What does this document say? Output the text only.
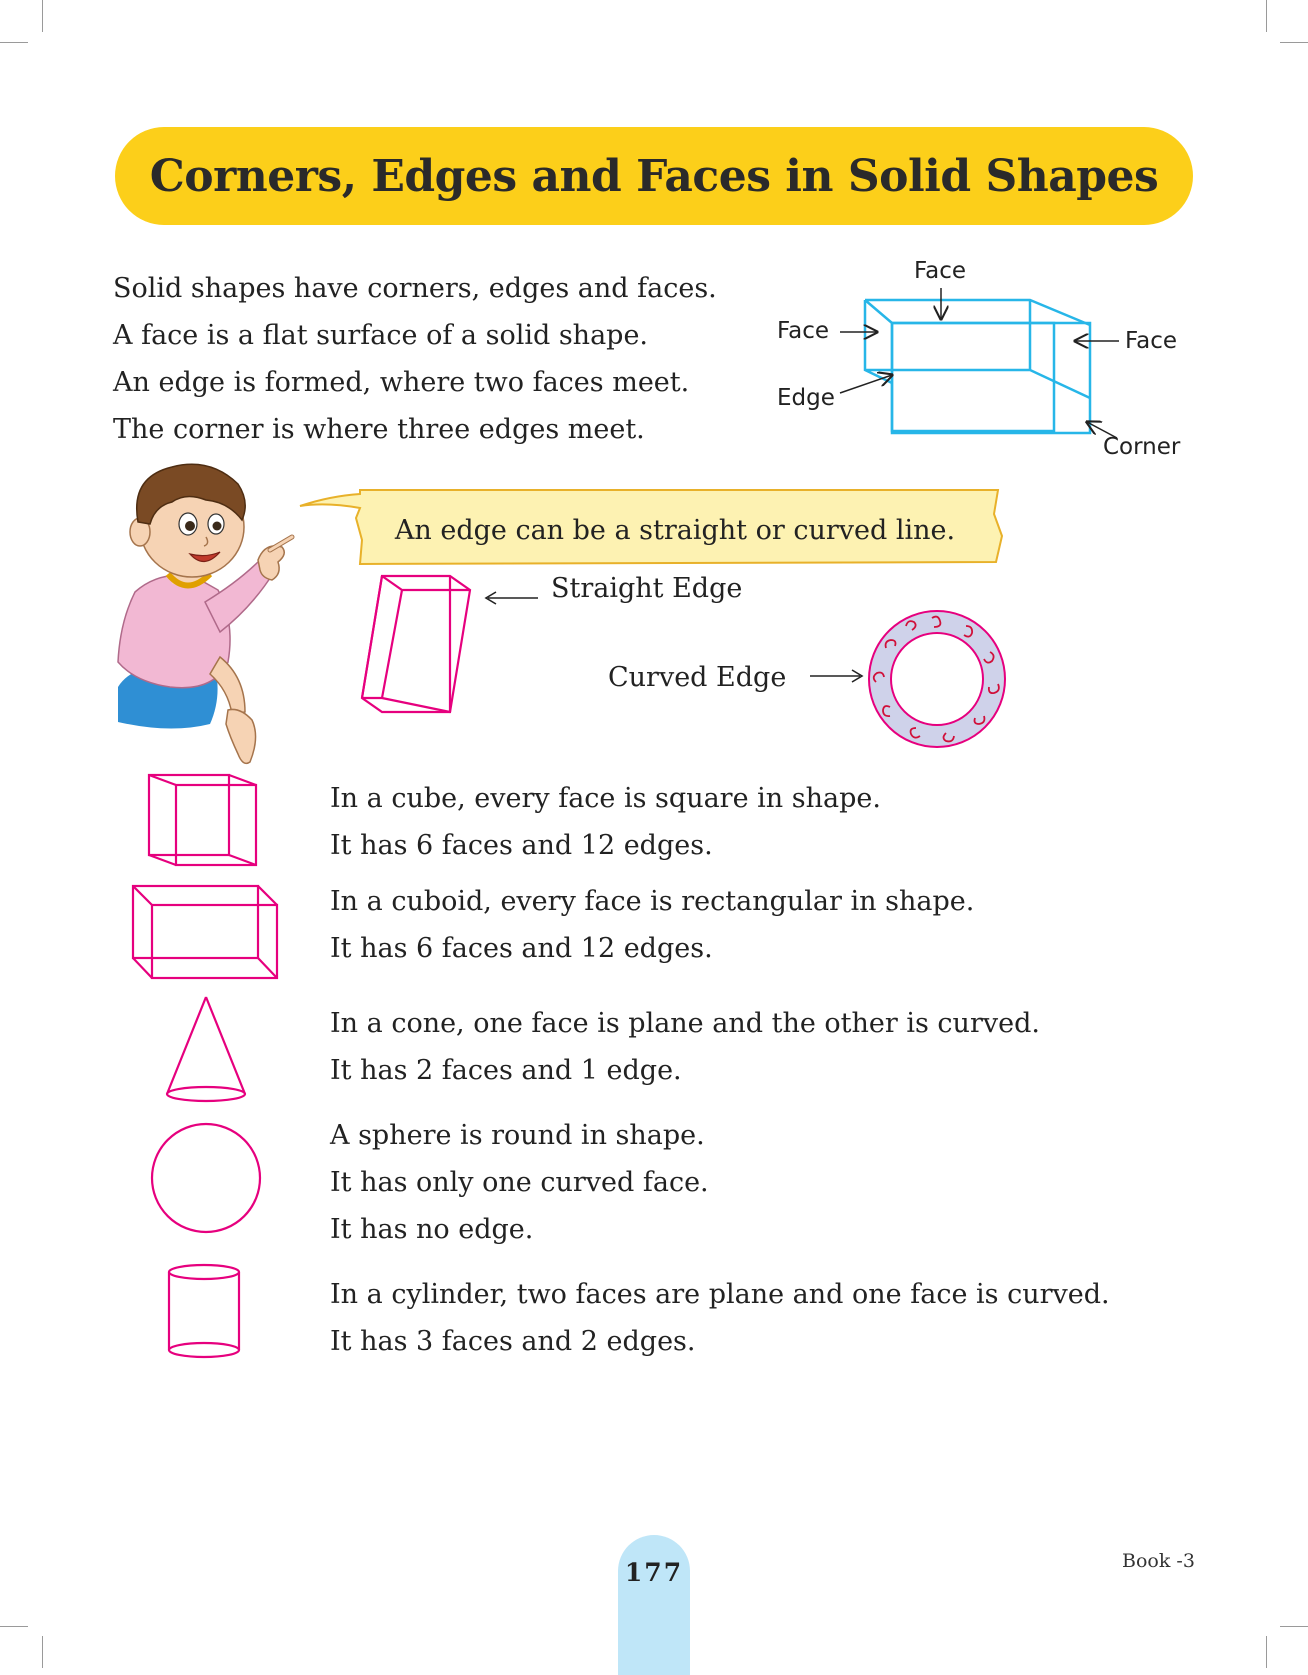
Corners, Edges and Faces in Solid Shapes
Solid shapes have corners, edges and faces.
A face is a flat surface of a solid shape.
An edge is formed, where two faces meet.
The corner is where three edges meet.
Face
Face	Face
Edge
Corner
An edge can be a straight or curved line.
Straight Edge
Curved Edge
In a cube, every face is square in shape.
It has 6 faces and 12 edges.
In a cuboid, every face is rectangular in shape.
It has 6 faces and 12 edges.
In a cone, one face is plane and the other is curved.
It has 2 faces and 1 edge.
A sphere is round in shape.
It has only one curved face.
It has no edge.
In a cylinder, two faces are plane and one face is curved.
It has 3 faces and 2 edges.
177	Book -3
